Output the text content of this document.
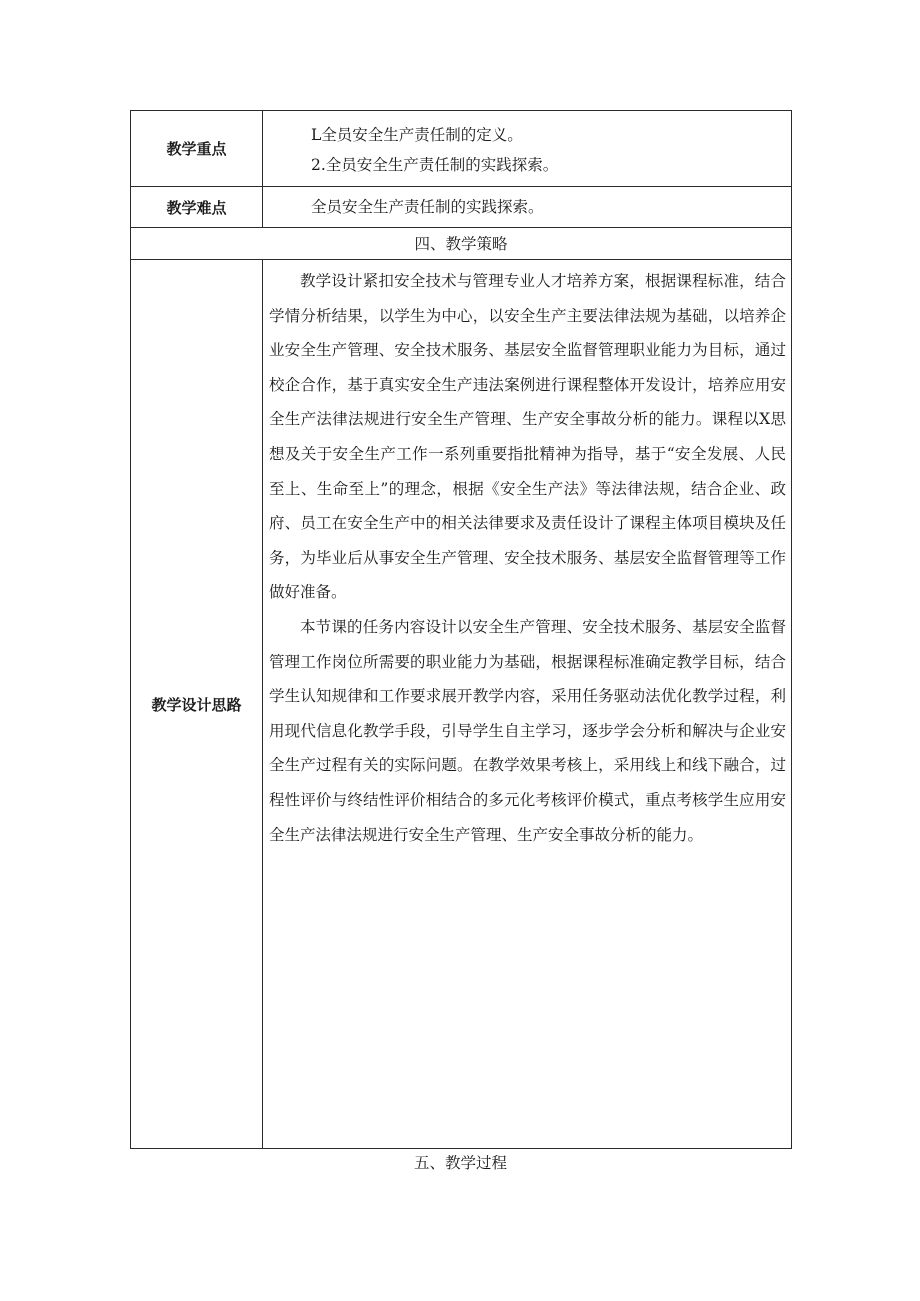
教学重点	L全员安全生产责任制的定义。
2.全员安全生产责任制的实践探索。

教学难点	全员安全生产责任制的实践探索。

四、教学策略	

教学设计思路	教学设计紧扣安全技术与管理专业人才培养方案，根据课程标准，结合学情分析结果，以学生为中心，以安全生产主要法律法规为基础，以培养企业安全生产管理、安全技术服务、基层安全监督管理职业能力为目标，通过校企合作，基于真实安全生产违法案例进行课程整体开发设计，培养应用安全生产法律法规进行安全生产管理、生产安全事故分析的能力。课程以X思想及关于安全生产工作一系列重要指批精神为指导，基于“安全发展、人民至上、生命至上”的理念，根据《安全生产法》等法律法规，结合企业、政府、员工在安全生产中的相关法律要求及责任设计了课程主体项目模块及任务，为毕业后从事安全生产管理、安全技术服务、基层安全监督管理等工作做好准备。

本节课的任务内容设计以安全生产管理、安全技术服务、基层安全监督管理工作岗位所需要的职业能力为基础，根据课程标准确定教学目标，结合学生认知规律和工作要求展开教学内容，采用任务驱动法优化教学过程，利用现代信息化教学手段，引导学生自主学习，逐步学会分析和解决与企业安全生产过程有关的实际问题。在教学效果考核上，采用线上和线下融合，过程性评价与终结性评价相结合的多元化考核评价模式，重点考核学生应用安全生产法律法规进行安全生产管理、生产安全事故分析的能力。

五、教学过程
